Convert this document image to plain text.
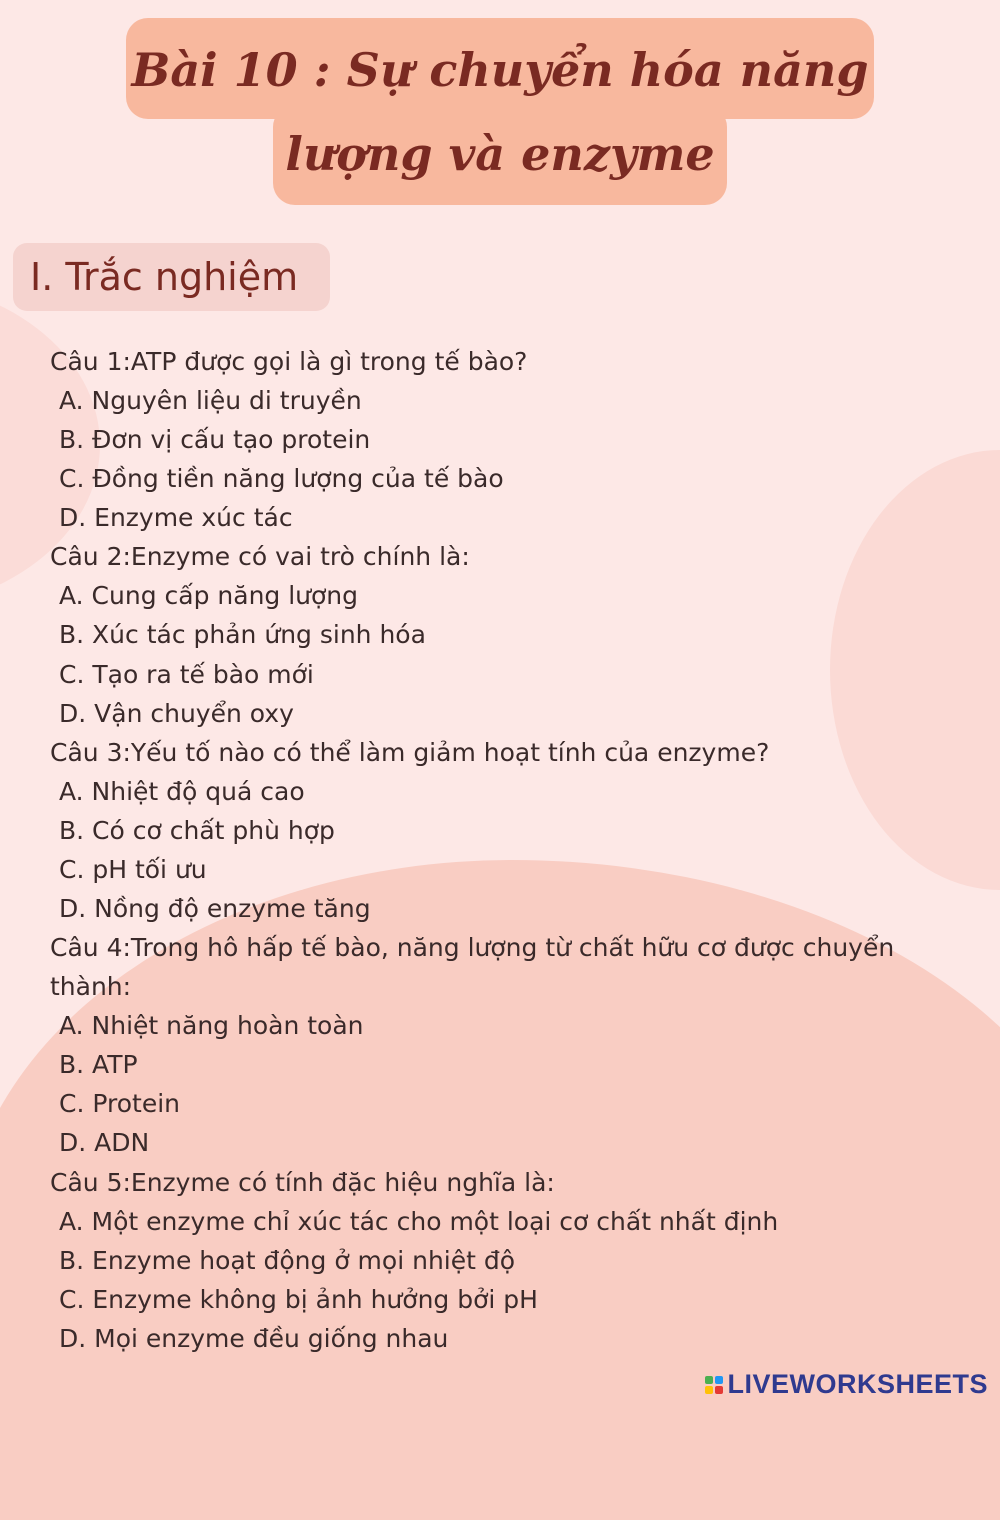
Bài 10 : Sự chuyển hóa năng lượng và enzyme
I. Trắc nghiệm

Câu 1:ATP được gọi là gì trong tế bào?

A. Nguyên liệu di truyền

B. Đơn vị cấu tạo protein

C. Đồng tiền năng lượng của tế bào

D. Enzyme xúc tác

Câu 2:Enzyme có vai trò chính là:

A. Cung cấp năng lượng

B. Xúc tác phản ứng sinh hóa

C. Tạo ra tế bào mới

D. Vận chuyển oxy

Câu 3:Yếu tố nào có thể làm giảm hoạt tính của enzyme?

A. Nhiệt độ quá cao

B. Có cơ chất phù hợp

C. pH tối ưu

D. Nồng độ enzyme tăng

Câu 4:Trong hô hấp tế bào, năng lượng từ chất hữu cơ được chuyển thành:

A. Nhiệt năng hoàn toàn

B. ATP

C. Protein

D. ADN

Câu 5:Enzyme có tính đặc hiệu nghĩa là:

A. Một enzyme chỉ xúc tác cho một loại cơ chất nhất định

B. Enzyme hoạt động ở mọi nhiệt độ

C. Enzyme không bị ảnh hưởng bởi pH

D. Mọi enzyme đều giống nhau

LIVEWORKSHEETS
